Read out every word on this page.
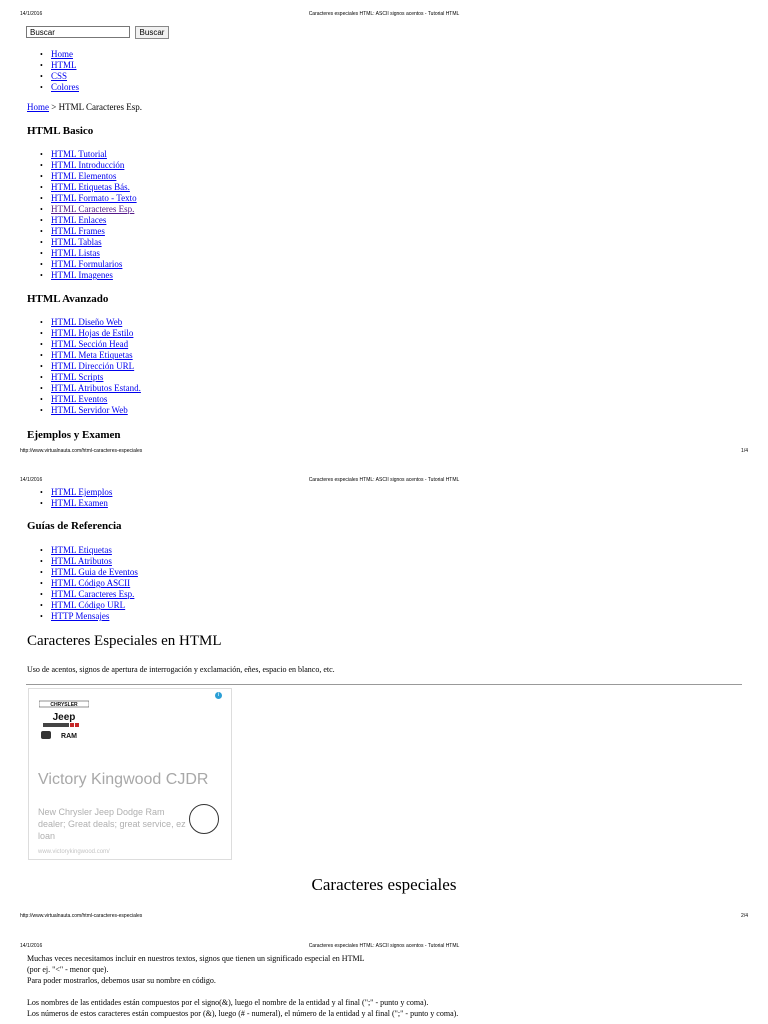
14/1/2016	Caracteres especiales HTML: ASCII signos acentos - Tutorial HTML
Buscar	Buscar
• Home
• HTML
• CSS
• Colores
Home > HTML Caracteres Esp.
HTML Basico
• HTML Tutorial
• HTML Introducción
• HTML Elementos
• HTML Etiquetas Bás.
• HTML Formato - Texto
• HTML Caracteres Esp.
• HTML Enlaces
• HTML Frames
• HTML Tablas
• HTML Listas
• HTML Formularios
• HTML Imagenes
HTML Avanzado
• HTML Diseño Web
• HTML Hojas de Estilo
• HTML Sección Head
• HTML Meta Etiquetas
• HTML Dirección URL
• HTML Scripts
• HTML Atributos Estand.
• HTML Eventos
• HTML Servidor Web
Ejemplos y Examen
http://www.virtualnauta.com/html-caracteres-especiales	1/4
14/1/2016	Caracteres especiales HTML: ASCII signos acentos - Tutorial HTML
• HTML Ejemplos
• HTML Examen
Guías de Referencia
• HTML Etiquetas
• HTML Atributos
• HTML Guia de Eventos
• HTML Código ASCII
• HTML Caracteres Esp.
• HTML Código URL
• HTTP Mensajes
Caracteres Especiales en HTML
Uso de acentos, signos de apertura de interrogación y exclamación, eñes, espacio en blanco, etc.
i
CHRYSLER
Jeep
RAM
Victory Kingwood CJDR
New Chrysler Jeep Dodge Ram dealer; Great deals; great service, ez loan
www.victorykingwood.com/
Caracteres especiales
http://www.virtualnauta.com/html-caracteres-especiales	2/4
14/1/2016	Caracteres especiales HTML: ASCII signos acentos - Tutorial HTML
Muchas veces necesitamos incluir en nuestros textos, signos que tienen un significado especial en HTML
(por ej. "<" - menor que).
Para poder mostrarlos, debemos usar su nombre en código.
Los nombres de las entidades están compuestos por el signo(&), luego el nombre de la entidad y al final (";" - punto y coma).
Los números de estos caracteres están compuestos por (&), luego (# - numeral), el número de la entidad y al final (";" - punto y coma).
